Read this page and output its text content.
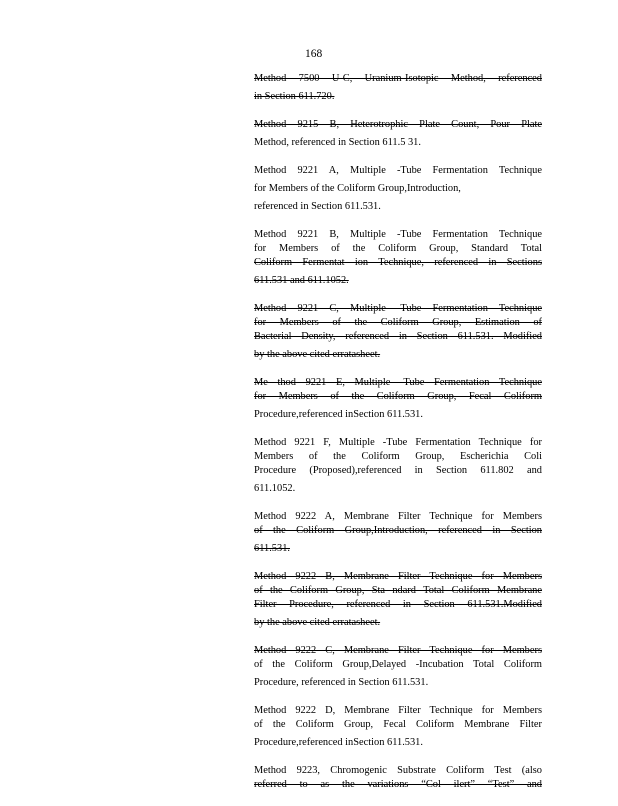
168
Method 7500 U-C, Uranium-Isotopic Method, referenced
in Section 611.720.

Method 9215 B, Heterotrophic Plate Count, Pour Plate
Method, referenced in Section 611.5 31.

Method 9221 A, Multiple -Tube Fermentation Technique
for Members of the Coliform Group,Introduction,
referenced in Section 611.531.

Method 9221 B, Multiple -Tube Fermentation Technique
for Members of the Coliform Group, Standard Total
Coliform Fermentat ion Technique, referenced in Sections
611.531 and 611.1052.

Method 9221 C, Multiple -Tube Fermentation Technique
for Members of the Coliform Group, Estimation of
Bacterial Density, referenced in Section 611.531. Modified
by the above cited erratasheet.

Me thod 9221 E, Multiple -Tube Fermentation Technique
for Members of the Coliform Group, Fecal Coliform
Procedure,referenced inSection 611.531.

Method 9221 F, Multiple -Tube Fermentation Technique for
Members of the Coliform Group, Escherichia Coli
Procedure (Proposed),referenced in Section 611.802 and
611.1052.

Method 9222 A, Membrane Filter Technique for Members
of the Coliform Group,Introduction, referenced in Section
611.531.

Method 9222 B, Membrane Filter Technique for Members
of the Coliform Group, Sta ndard Total Coliform Membrane
Filter Procedure, referenced in Section 611.531.Modified
by the above cited erratasheet.

Method 9222 C, Membrane Filter Technique for Members
of the Coliform Group,Delayed -Incubation Total Coliform
Procedure, referenced in Section 611.531.

Method 9222 D, Membrane Filter Technique for Members
of the Coliform Group, Fecal Coliform Membrane Filter
Procedure,referenced inSection 611.531.

Method 9223, Chromogenic Substrate Coliform Test (also
referred to as the variations “Col ilert” “Test” and
